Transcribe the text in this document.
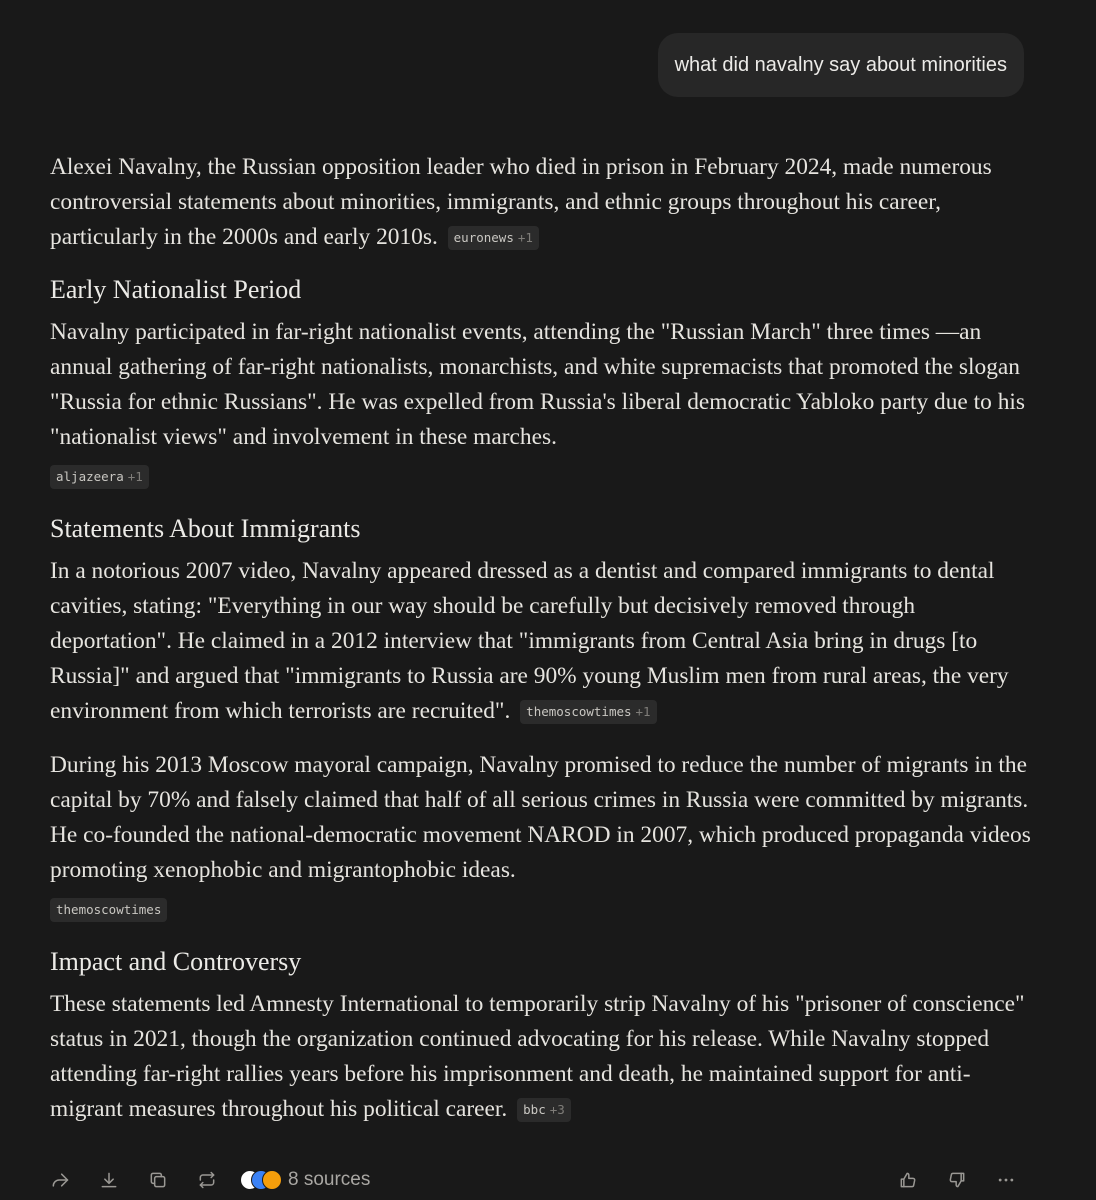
what did navalny say about minorities

Alexei Navalny, the Russian opposition leader who died in prison in February 2024, made numerous controversial statements about minorities, immigrants, and ethnic groups throughout his career, particularly in the 2000s and early 2010s. euronews +1

Early Nationalist Period

Navalny participated in far-right nationalist events, attending the "Russian March" three times —an annual gathering of far-right nationalists, monarchists, and white supremacists that promoted the slogan "Russia for ethnic Russians". He was expelled from Russia's liberal democratic Yabloko party due to his "nationalist views" and involvement in these marches.
aljazeera +1

Statements About Immigrants

In a notorious 2007 video, Navalny appeared dressed as a dentist and compared immigrants to dental cavities, stating: "Everything in our way should be carefully but decisively removed through deportation". He claimed in a 2012 interview that "immigrants from Central Asia bring in drugs [to Russia]" and argued that "immigrants to Russia are 90% young Muslim men from rural areas, the very environment from which terrorists are recruited". themoscowtimes +1

During his 2013 Moscow mayoral campaign, Navalny promised to reduce the number of migrants in the capital by 70% and falsely claimed that half of all serious crimes in Russia were committed by migrants. He co-founded the national-democratic movement NAROD in 2007, which produced propaganda videos promoting xenophobic and migrantophobic ideas.
themoscowtimes

Impact and Controversy

These statements led Amnesty International to temporarily strip Navalny of his "prisoner of conscience" status in 2021, though the organization continued advocating for his release. While Navalny stopped attending far-right rallies years before his imprisonment and death, he maintained support for anti-migrant measures throughout his political career. bbc +3

8 sources
